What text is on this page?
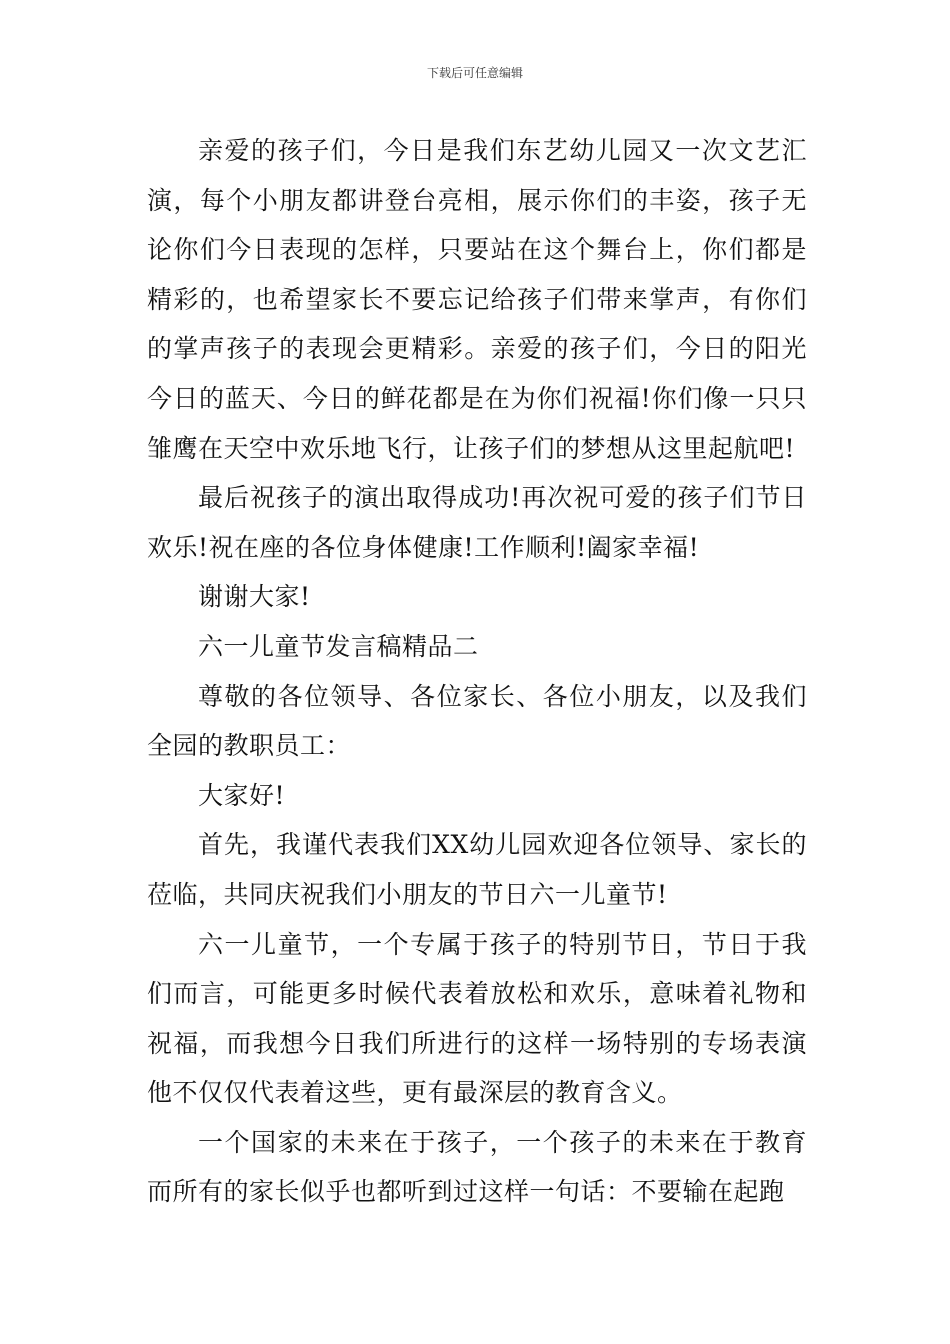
下载后可任意编辑

亲爱的孩子们，今日是我们东艺幼儿园又一次文艺汇演，每个小朋友都讲登台亮相，展示你们的丰姿，孩子无论你们今日表现的怎样，只要站在这个舞台上，你们都是精彩的，也希望家长不要忘记给孩子们带来掌声，有你们的掌声孩子的表现会更精彩。亲爱的孩子们，今日的阳光今日的蓝天、今日的鲜花都是在为你们祝福!你们像一只只雏鹰在天空中欢乐地飞行，让孩子们的梦想从这里起航吧!

最后祝孩子的演出取得成功!再次祝可爱的孩子们节日欢乐!祝在座的各位身体健康!工作顺利!阖家幸福!

谢谢大家!

六一儿童节发言稿精品二

尊敬的各位领导、各位家长、各位小朋友，以及我们全园的教职员工：

大家好!

首先，我谨代表我们XX幼儿园欢迎各位领导、家长的莅临，共同庆祝我们小朋友的节日六一儿童节!

六一儿童节，一个专属于孩子的特别节日，节日于我们而言，可能更多时候代表着放松和欢乐，意味着礼物和祝福，而我想今日我们所进行的这样一场特别的专场表演他不仅仅代表着这些，更有最深层的教育含义。

一个国家的未来在于孩子，一个孩子的未来在于教育而所有的家长似乎也都听到过这样一句话：不要输在起跑
